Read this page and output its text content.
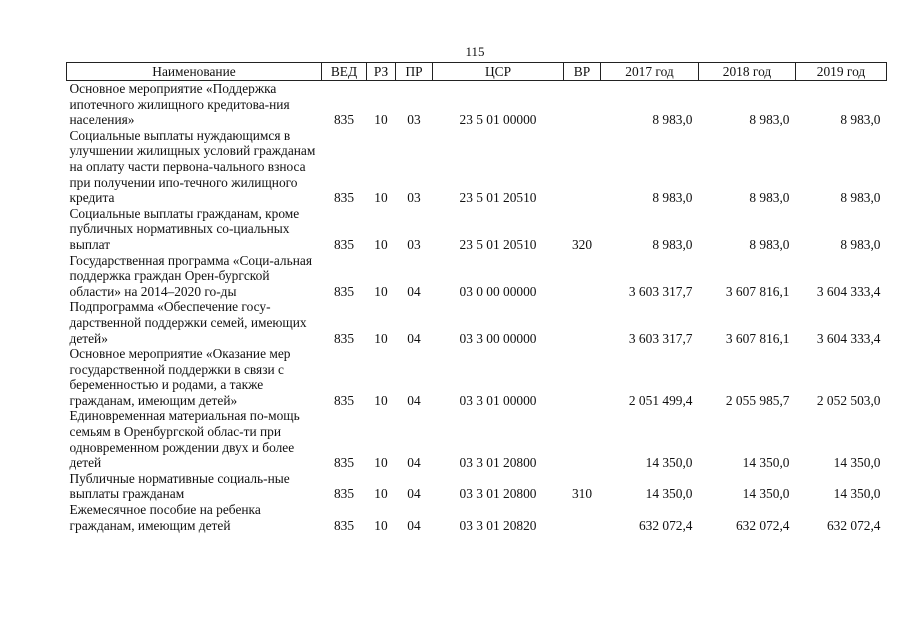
115
Наименование	ВЕД	РЗ	ПР	ЦСР	ВР	2017 год	2018 год	2019 год
Основное мероприятие «Поддержка ипотечного жилищного кредитова-ния населения»	835	10	03	23 5 01 00000		8 983,0	8 983,0	8 983,0
Социальные выплаты нуждающимся в улучшении жилищных условий гражданам на оплату части первона-чального взноса при получении ипо-течного жилищного кредита	835	10	03	23 5 01 20510		8 983,0	8 983,0	8 983,0
Социальные выплаты гражданам, кроме публичных нормативных со-циальных выплат	835	10	03	23 5 01 20510	320	8 983,0	8 983,0	8 983,0
Государственная программа «Соци-альная поддержка граждан Орен-бургской области» на 2014–2020 го-ды	835	10	04	03 0 00 00000		3 603 317,7	3 607 816,1	3 604 333,4
Подпрограмма «Обеспечение госу-дарственной поддержки семей, имеющих детей»	835	10	04	03 3 00 00000		3 603 317,7	3 607 816,1	3 604 333,4
Основное мероприятие «Оказание мер государственной поддержки в связи с беременностью и родами, а также гражданам, имеющим детей»	835	10	04	03 3 01 00000		2 051 499,4	2 055 985,7	2 052 503,0
Единовременная материальная по-мощь семьям в Оренбургской облас-ти при одновременном рождении двух и более детей	835	10	04	03 3 01 20800		14 350,0	14 350,0	14 350,0
Публичные нормативные социаль-ные выплаты гражданам	835	10	04	03 3 01 20800	310	14 350,0	14 350,0	14 350,0
Ежемесячное пособие на ребенка гражданам, имеющим детей	835	10	04	03 3 01 20820		632 072,4	632 072,4	632 072,4
